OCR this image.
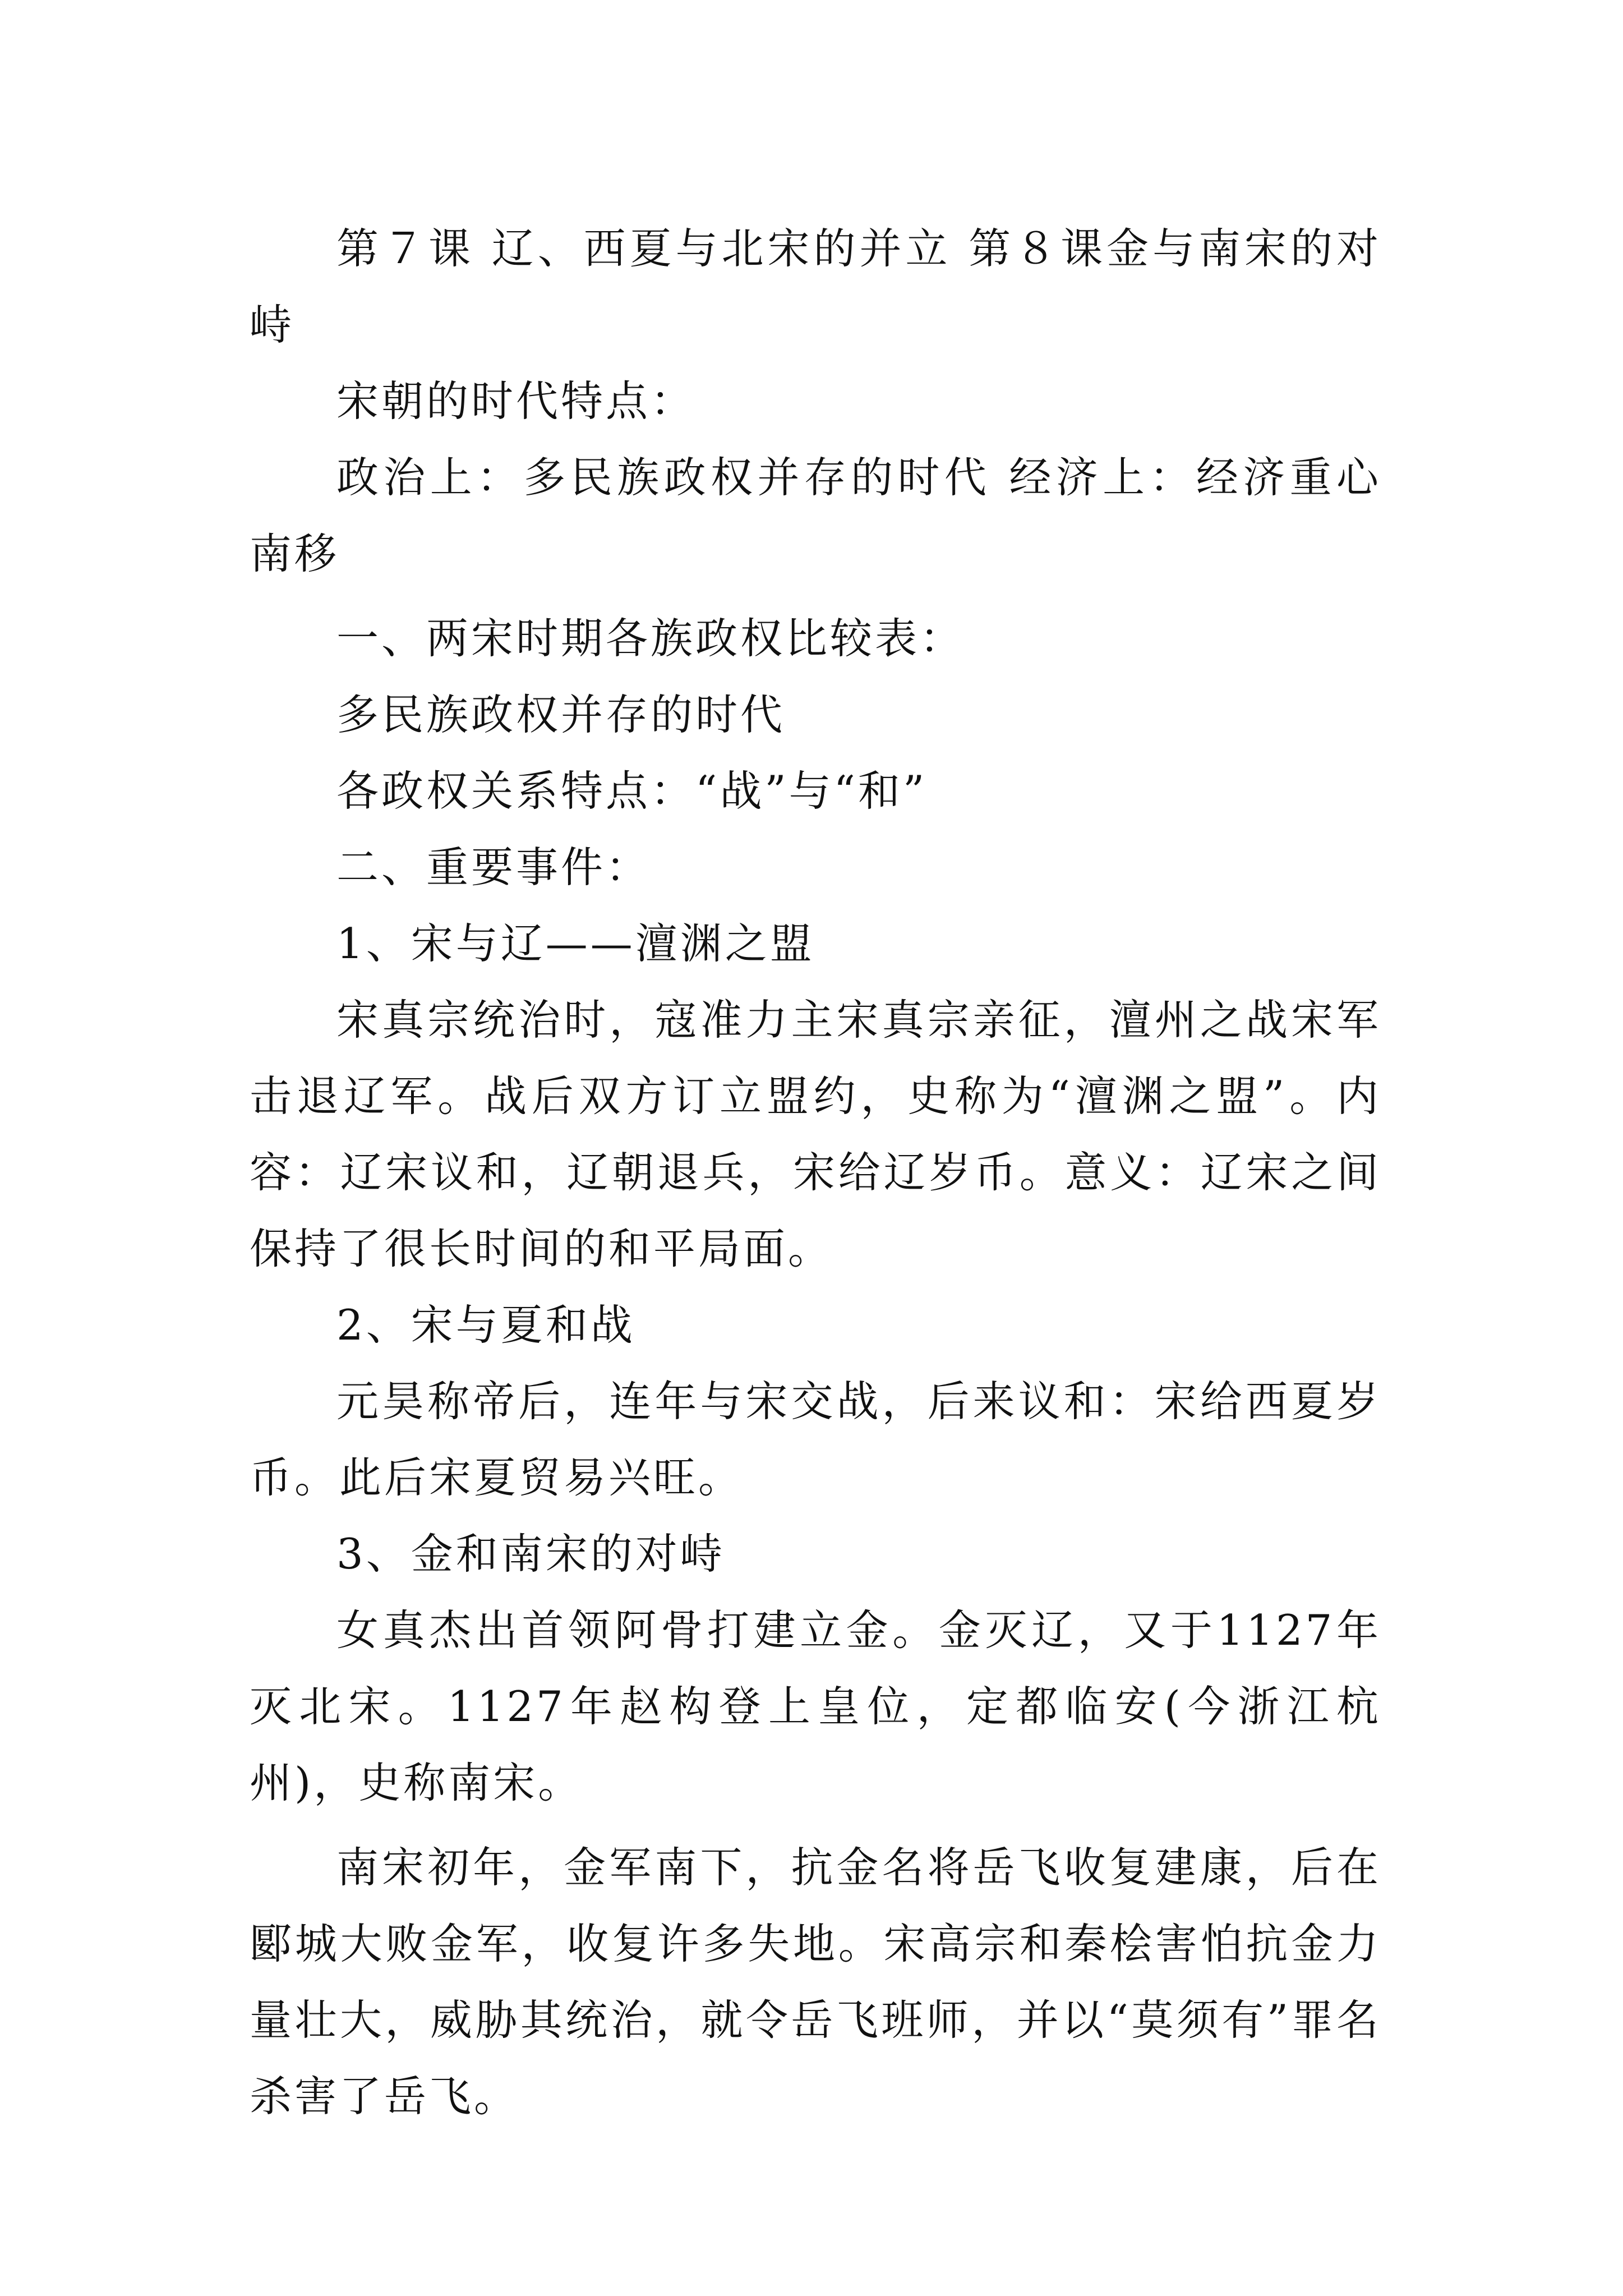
第７课 辽、西夏与北宋的并立 第８课金与南宋的对峙

宋朝的时代特点：

政治上：多民族政权并存的时代 经济上：经济重心南移

一、两宋时期各族政权比较表：

多民族政权并存的时代

各政权关系特点：“战”与“和”

二、重要事件：

1、宋与辽——澶渊之盟

宋真宗统治时，寇准力主宋真宗亲征，澶州之战宋军击退辽军。战后双方订立盟约，史称为“澶渊之盟”。内容：辽宋议和，辽朝退兵，宋给辽岁币。意义：辽宋之间保持了很长时间的和平局面。

2、宋与夏和战

元昊称帝后，连年与宋交战，后来议和：宋给西夏岁币。此后宋夏贸易兴旺。

3、金和南宋的对峙

女真杰出首领阿骨打建立金。金灭辽，又于1127年灭北宋。1127年赵构登上皇位，定都临安(今浙江杭州)，史称南宋。

南宋初年，金军南下，抗金名将岳飞收复建康，后在郾城大败金军，收复许多失地。宋高宗和秦桧害怕抗金力量壮大，威胁其统治，就令岳飞班师，并以“莫须有”罪名杀害了岳飞。
